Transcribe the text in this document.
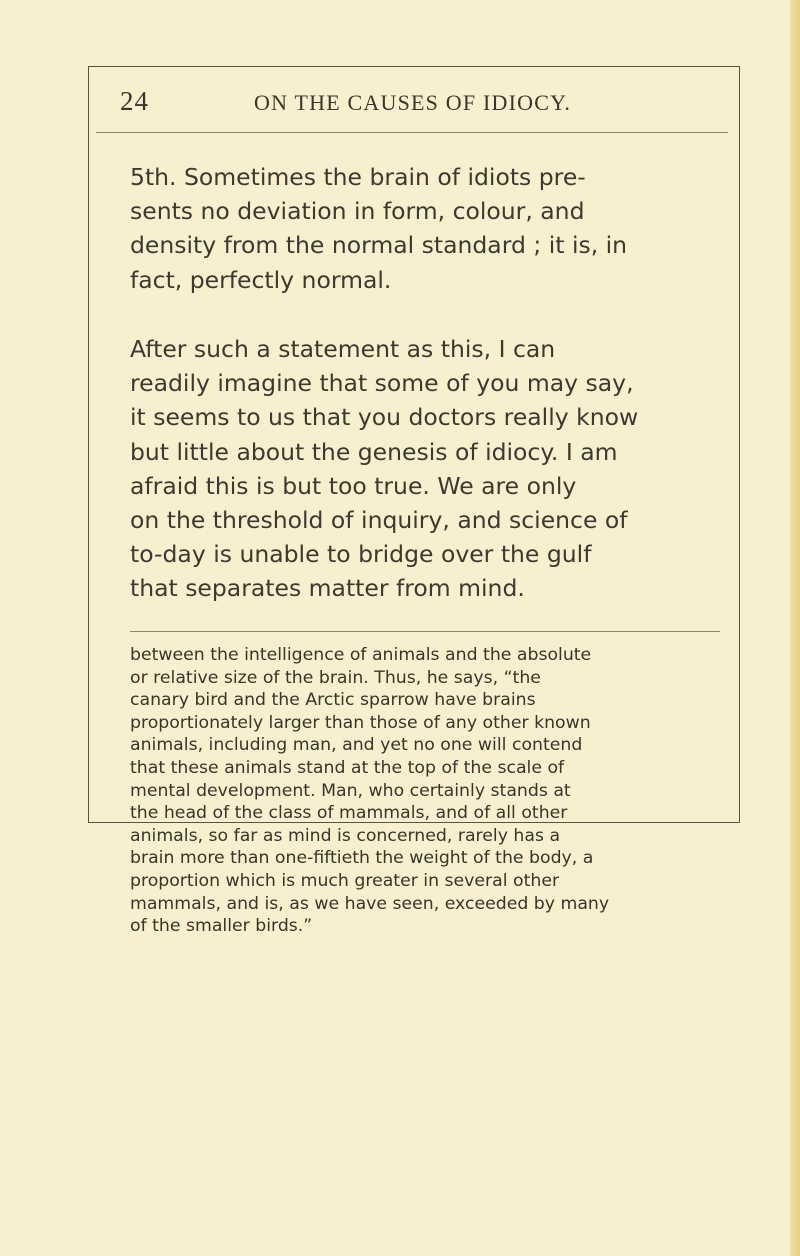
24	ON THE CAUSES OF IDIOCY.

5th. Sometimes the brain of idiots pre-
sents no deviation in form, colour, and
density from the normal standard ; it is, in
fact, perfectly normal.

After such a statement as this, I can
readily imagine that some of you may say,
it seems to us that you doctors really know
but little about the genesis of idiocy. I am
afraid this is but too true. We are only
on the threshold of inquiry, and science of
to-day is unable to bridge over the gulf
that separates matter from mind.

between the intelligence of animals and the absolute
or relative size of the brain. Thus, he says, “the
canary bird and the Arctic sparrow have brains
proportionately larger than those of any other known
animals, including man, and yet no one will contend
that these animals stand at the top of the scale of
mental development. Man, who certainly stands at
the head of the class of mammals, and of all other
animals, so far as mind is concerned, rarely has a
brain more than one-fiftieth the weight of the body, a
proportion which is much greater in several other
mammals, and is, as we have seen, exceeded by many
of the smaller birds.”
